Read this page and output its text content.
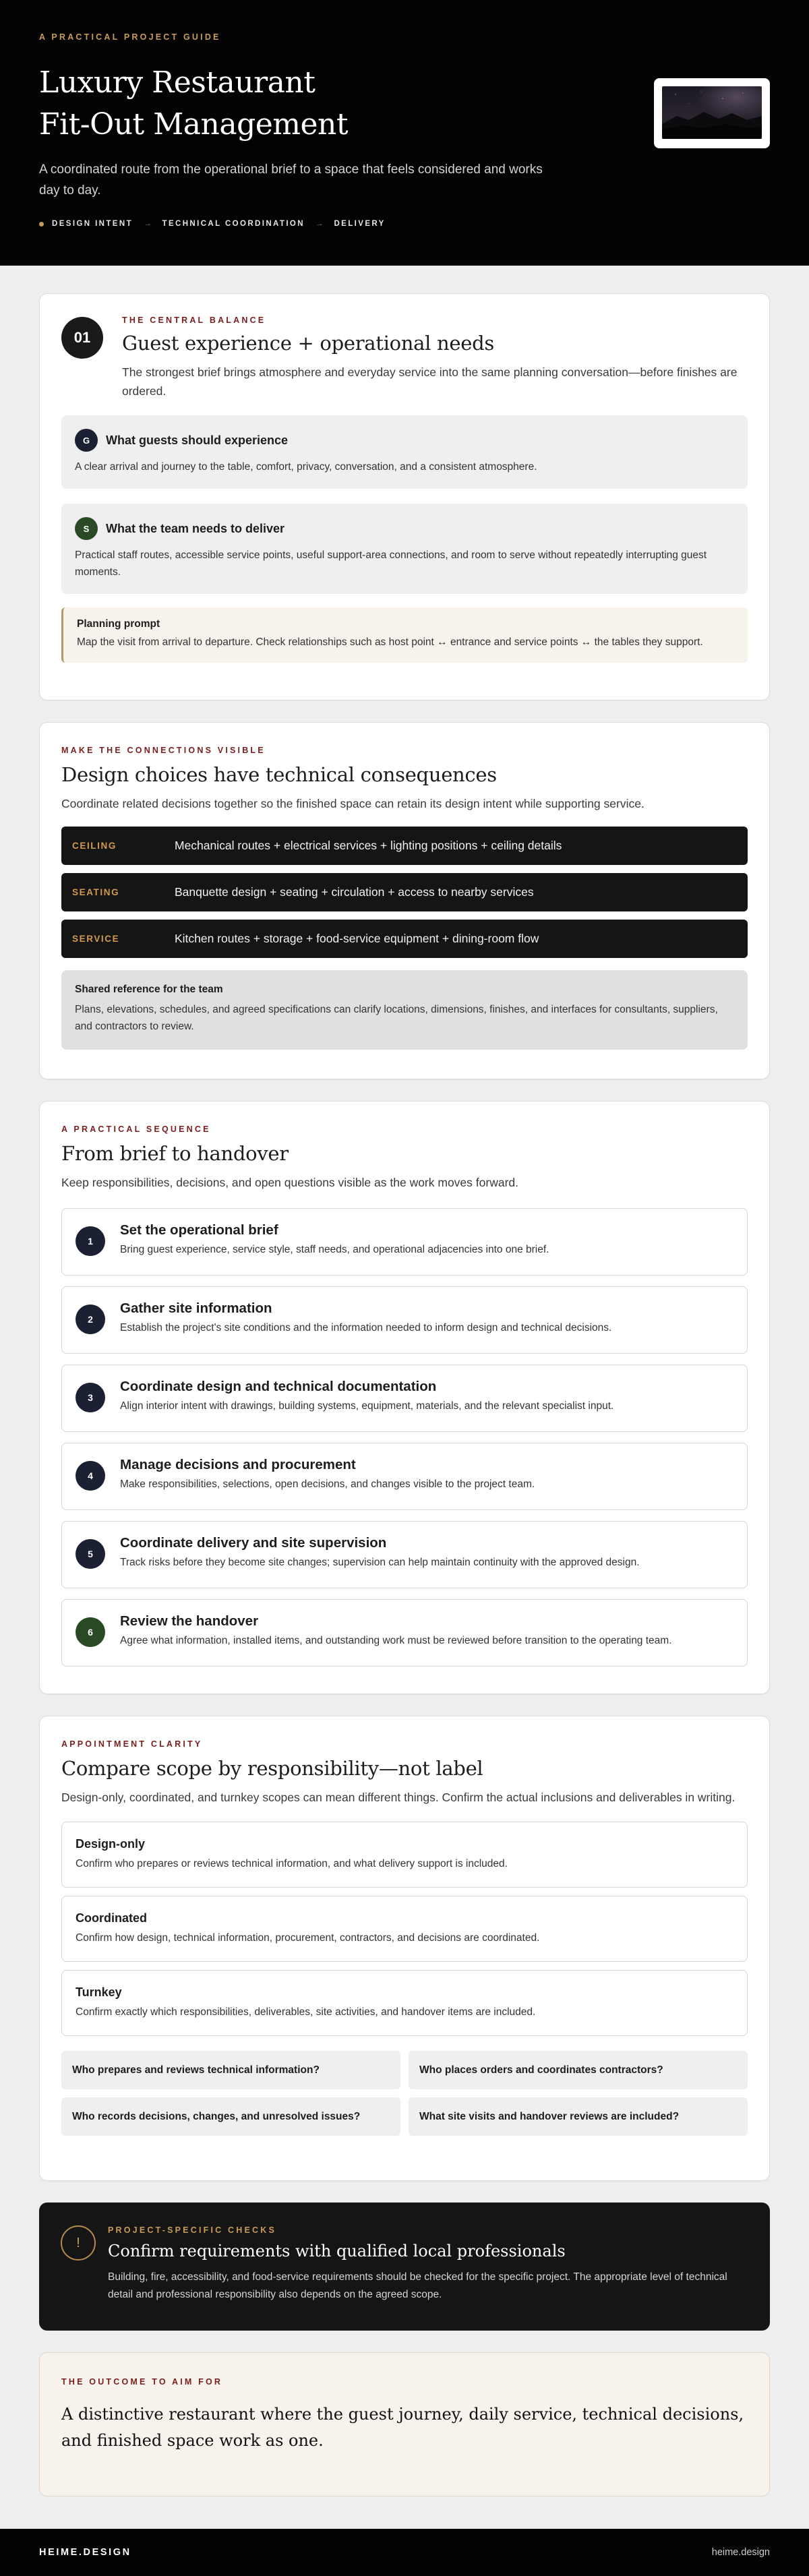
A PRACTICAL PROJECT GUIDE
Luxury Restaurant
Fit-Out Management

A coordinated route from the operational brief to a space that feels considered and works day to day.

DESIGN INTENT → TECHNICAL COORDINATION → DELIVERY
01
THE CENTRAL BALANCE
Guest experience + operational needs

The strongest brief brings atmosphere and everyday service into the same planning conversation—before finishes are ordered.

G	What guests should experience

A clear arrival and journey to the table, comfort, privacy, conversation, and a consistent atmosphere.

S	What the team needs to deliver

Practical staff routes, accessible service points, useful support-area connections, and room to serve without repeatedly interrupting guest moments.

Planning prompt

Map the visit from arrival to departure. Check relationships such as host point ↔ entrance and service points ↔ the tables they support.

MAKE THE CONNECTIONS VISIBLE
Design choices have technical consequences

Coordinate related decisions together so the finished space can retain its design intent while supporting service.

CEILING	Mechanical routes + electrical services + lighting positions + ceiling details
SEATING	Banquette design + seating + circulation + access to nearby services
SERVICE	Kitchen routes + storage + food-service equipment + dining-room flow
Shared reference for the team

Plans, elevations, schedules, and agreed specifications can clarify locations, dimensions, finishes, and interfaces for consultants, suppliers, and contractors to review.

A PRACTICAL SEQUENCE
From brief to handover

Keep responsibilities, decisions, and open questions visible as the work moves forward.

1
Set the operational brief

Bring guest experience, service style, staff needs, and operational adjacencies into one brief.

2
Gather site information

Establish the project's site conditions and the information needed to inform design and technical decisions.

3
Coordinate design and technical documentation

Align interior intent with drawings, building systems, equipment, materials, and the relevant specialist input.

4
Manage decisions and procurement

Make responsibilities, selections, open decisions, and changes visible to the project team.

5
Coordinate delivery and site supervision

Track risks before they become site changes; supervision can help maintain continuity with the approved design.

6
Review the handover

Agree what information, installed items, and outstanding work must be reviewed before transition to the operating team.

APPOINTMENT CLARITY
Compare scope by responsibility—not label

Design-only, coordinated, and turnkey scopes can mean different things. Confirm the actual inclusions and deliverables in writing.

Design-only

Confirm who prepares or reviews technical information, and what delivery support is included.

Coordinated

Confirm how design, technical information, procurement, contractors, and decisions are coordinated.

Turnkey

Confirm exactly which responsibilities, deliverables, site activities, and handover items are included.

Who prepares and reviews technical information?	Who places orders and coordinates contractors?
Who records decisions, changes, and unresolved issues?	What site visits and handover reviews are included?
!
PROJECT-SPECIFIC CHECKS
Confirm requirements with qualified local professionals

Building, fire, accessibility, and food-service requirements should be checked for the specific project. The appropriate level of technical detail and professional responsibility also depends on the agreed scope.

THE OUTCOME TO AIM FOR

A distinctive restaurant where the guest journey, daily service, technical decisions, and finished space work as one.

HEIME.DESIGN	heime.design
